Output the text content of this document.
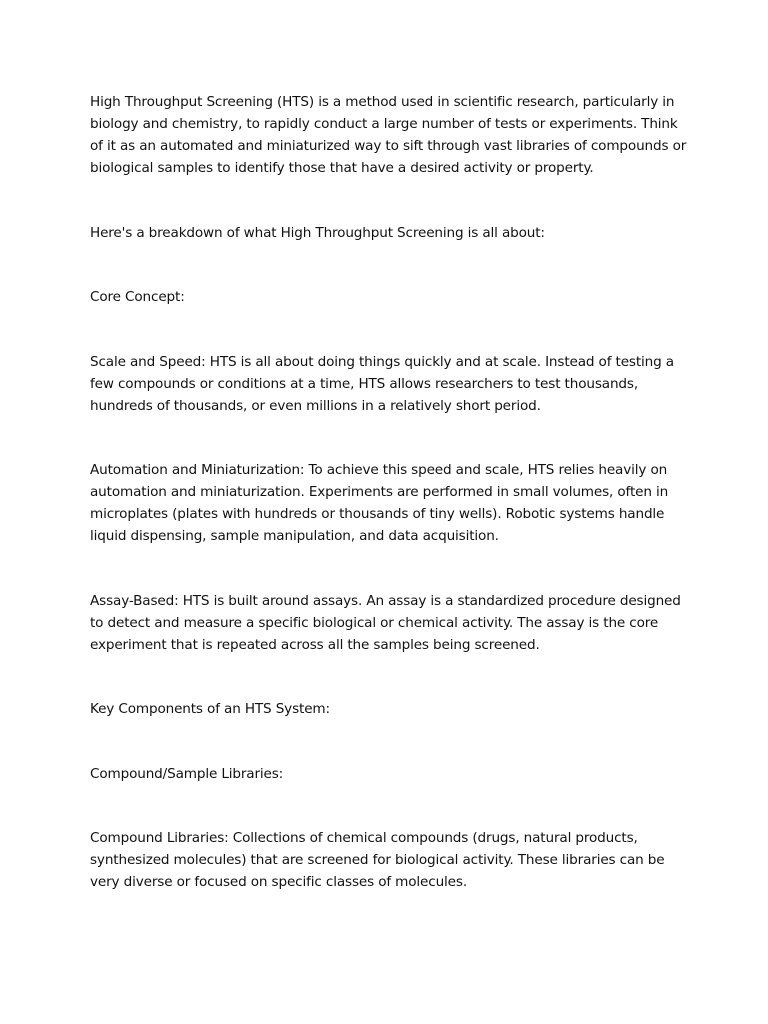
High Throughput Screening (HTS) is a method used in scientific research, particularly in biology and chemistry, to rapidly conduct a large number of tests or experiments. Think of it as an automated and miniaturized way to sift through vast libraries of compounds or biological samples to identify those that have a desired activity or property.

Here's a breakdown of what High Throughput Screening is all about:

Core Concept:

Scale and Speed: HTS is all about doing things quickly and at scale. Instead of testing a few compounds or conditions at a time, HTS allows researchers to test thousands, hundreds of thousands, or even millions in a relatively short period.

Automation and Miniaturization: To achieve this speed and scale, HTS relies heavily on automation and miniaturization. Experiments are performed in small volumes, often in microplates (plates with hundreds or thousands of tiny wells). Robotic systems handle liquid dispensing, sample manipulation, and data acquisition.

Assay-Based: HTS is built around assays. An assay is a standardized procedure designed to detect and measure a specific biological or chemical activity. The assay is the core experiment that is repeated across all the samples being screened.

Key Components of an HTS System:

Compound/Sample Libraries:

Compound Libraries: Collections of chemical compounds (drugs, natural products, synthesized molecules) that are screened for biological activity. These libraries can be very diverse or focused on specific classes of molecules.
